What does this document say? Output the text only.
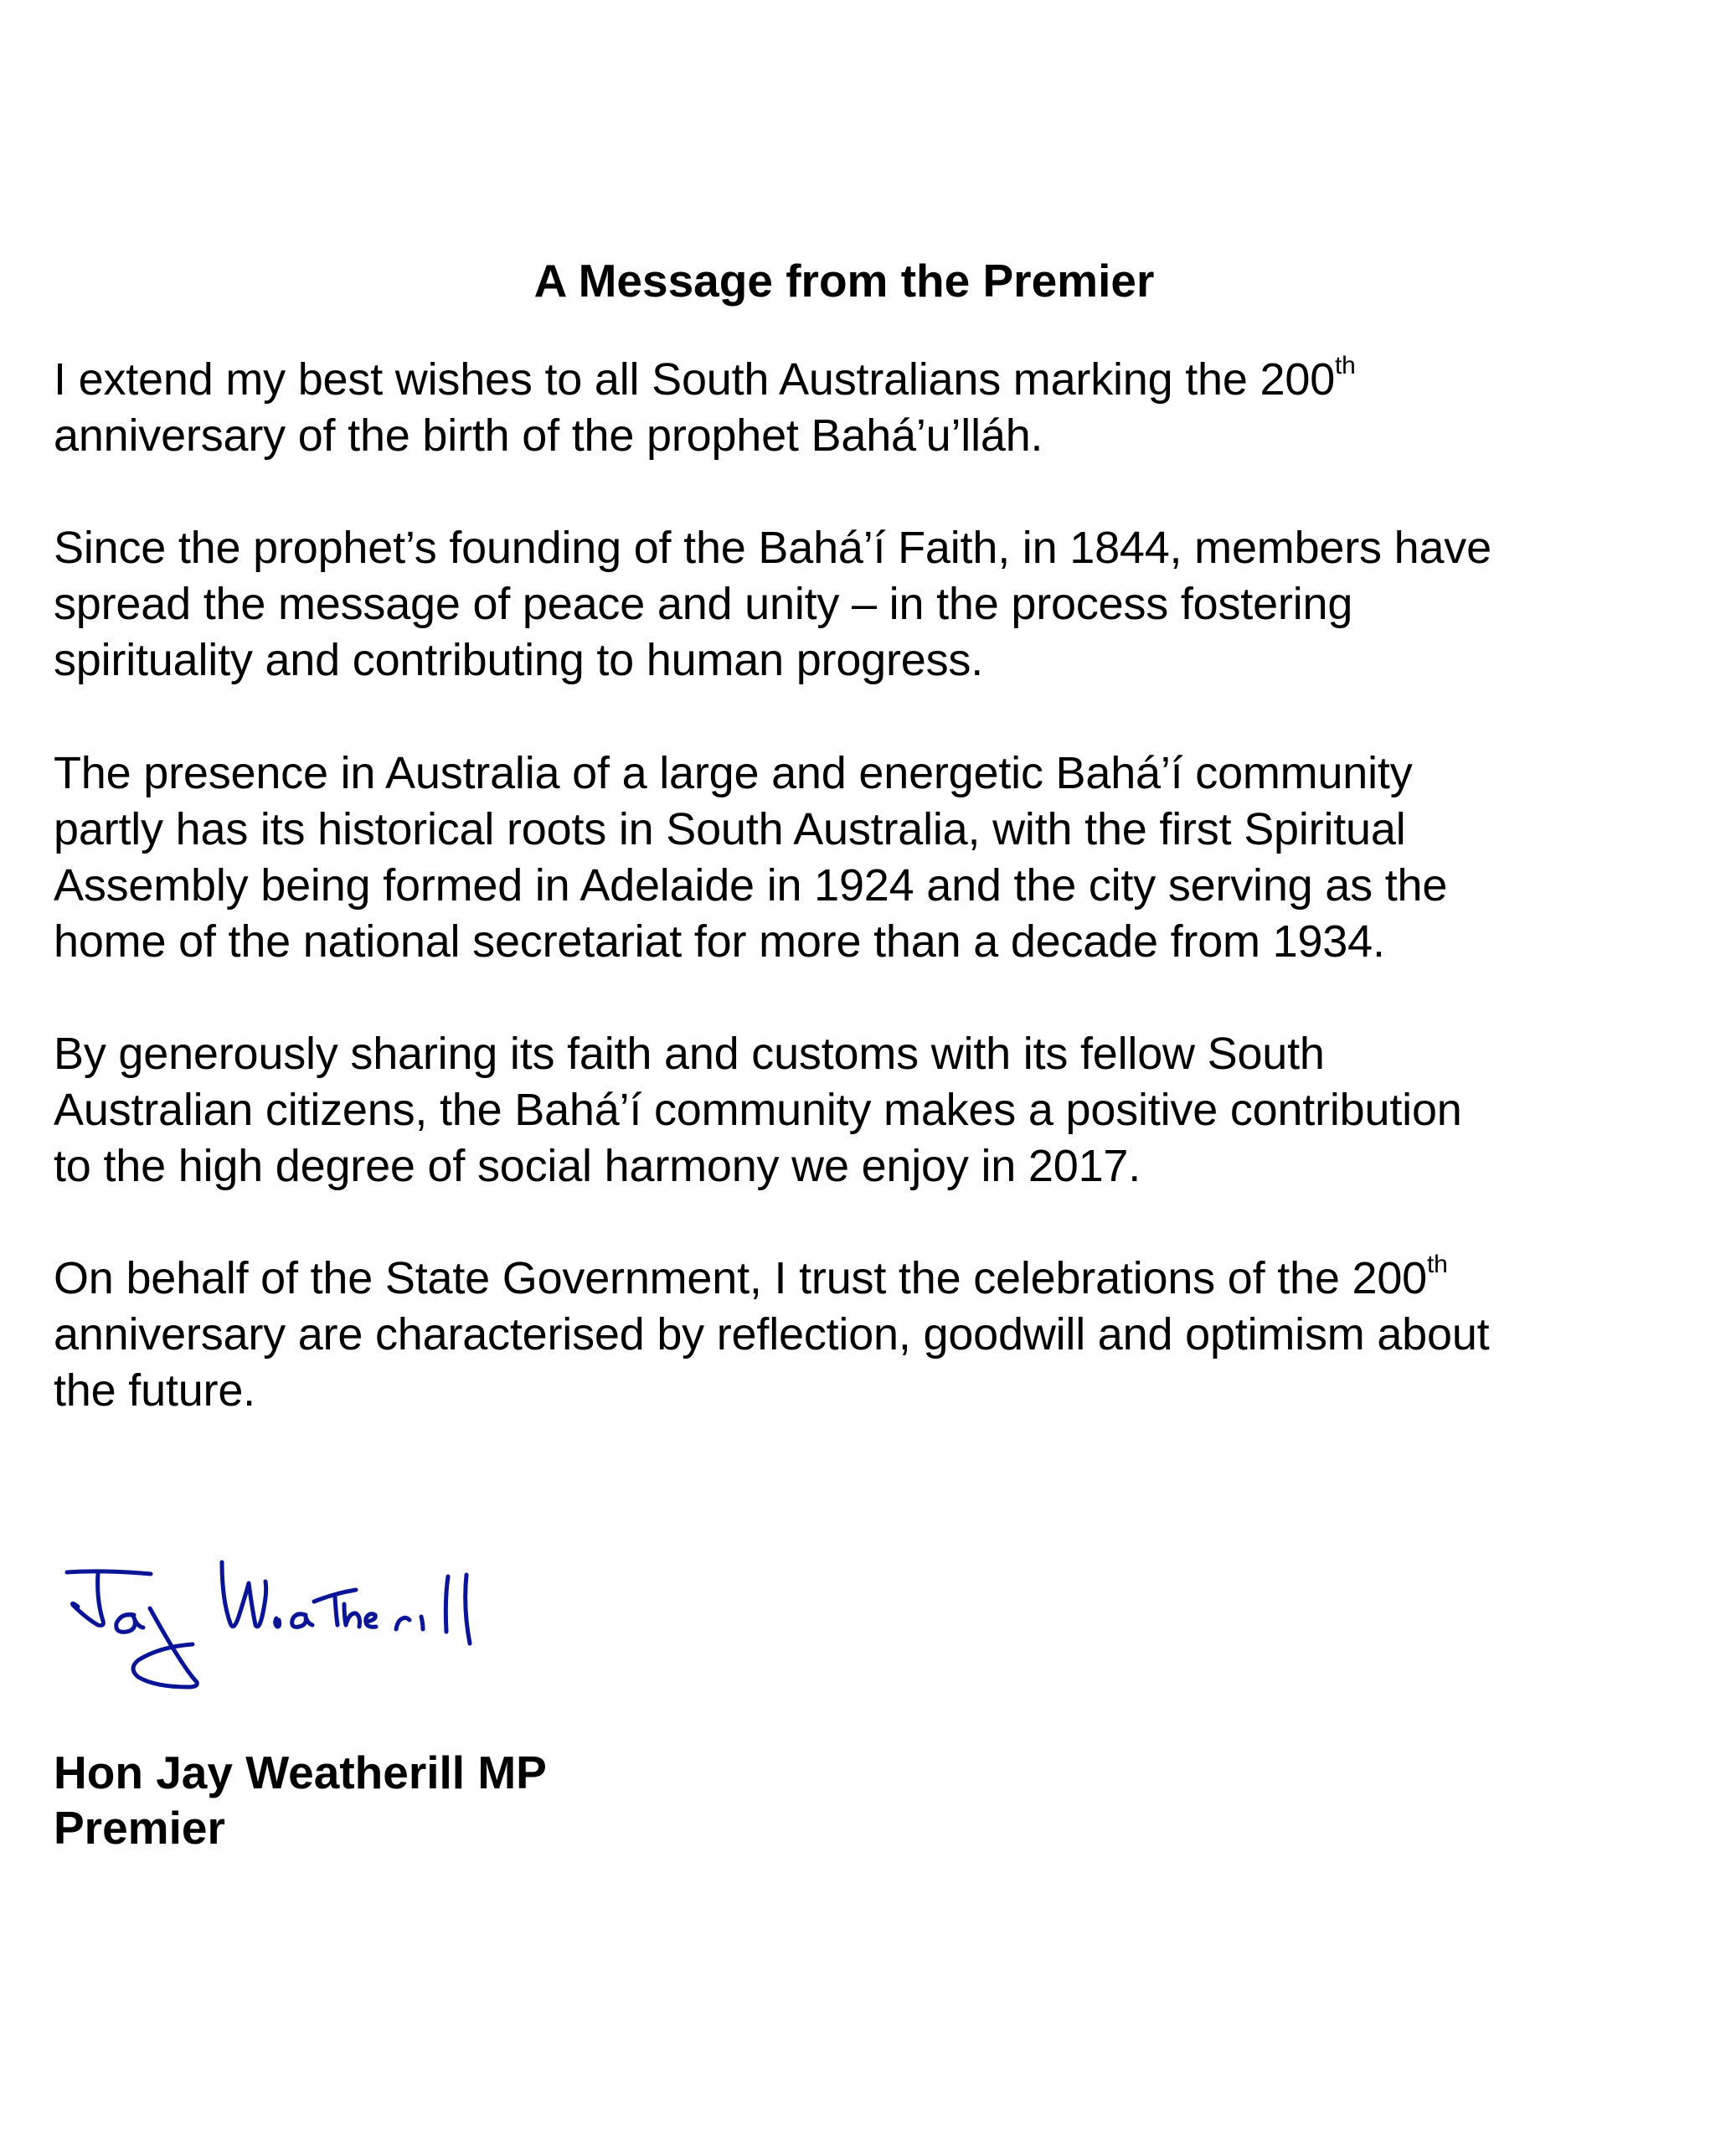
A Message from the Premier

I extend my best wishes to all South Australians marking the 200th
anniversary of the birth of the prophet Bahá’u’lláh.

Since the prophet’s founding of the Bahá’í Faith, in 1844, members have
spread the message of peace and unity – in the process fostering
spirituality and contributing to human progress.

The presence in Australia of a large and energetic Bahá’í community
partly has its historical roots in South Australia, with the first Spiritual
Assembly being formed in Adelaide in 1924 and the city serving as the
home of the national secretariat for more than a decade from 1934.

By generously sharing its faith and customs with its fellow South
Australian citizens, the Bahá’í community makes a positive contribution
to the high degree of social harmony we enjoy in 2017.

On behalf of the State Government, I trust the celebrations of the 200th
anniversary are characterised by reflection, goodwill and optimism about
the future.

Hon Jay Weatherill MP
Premier
